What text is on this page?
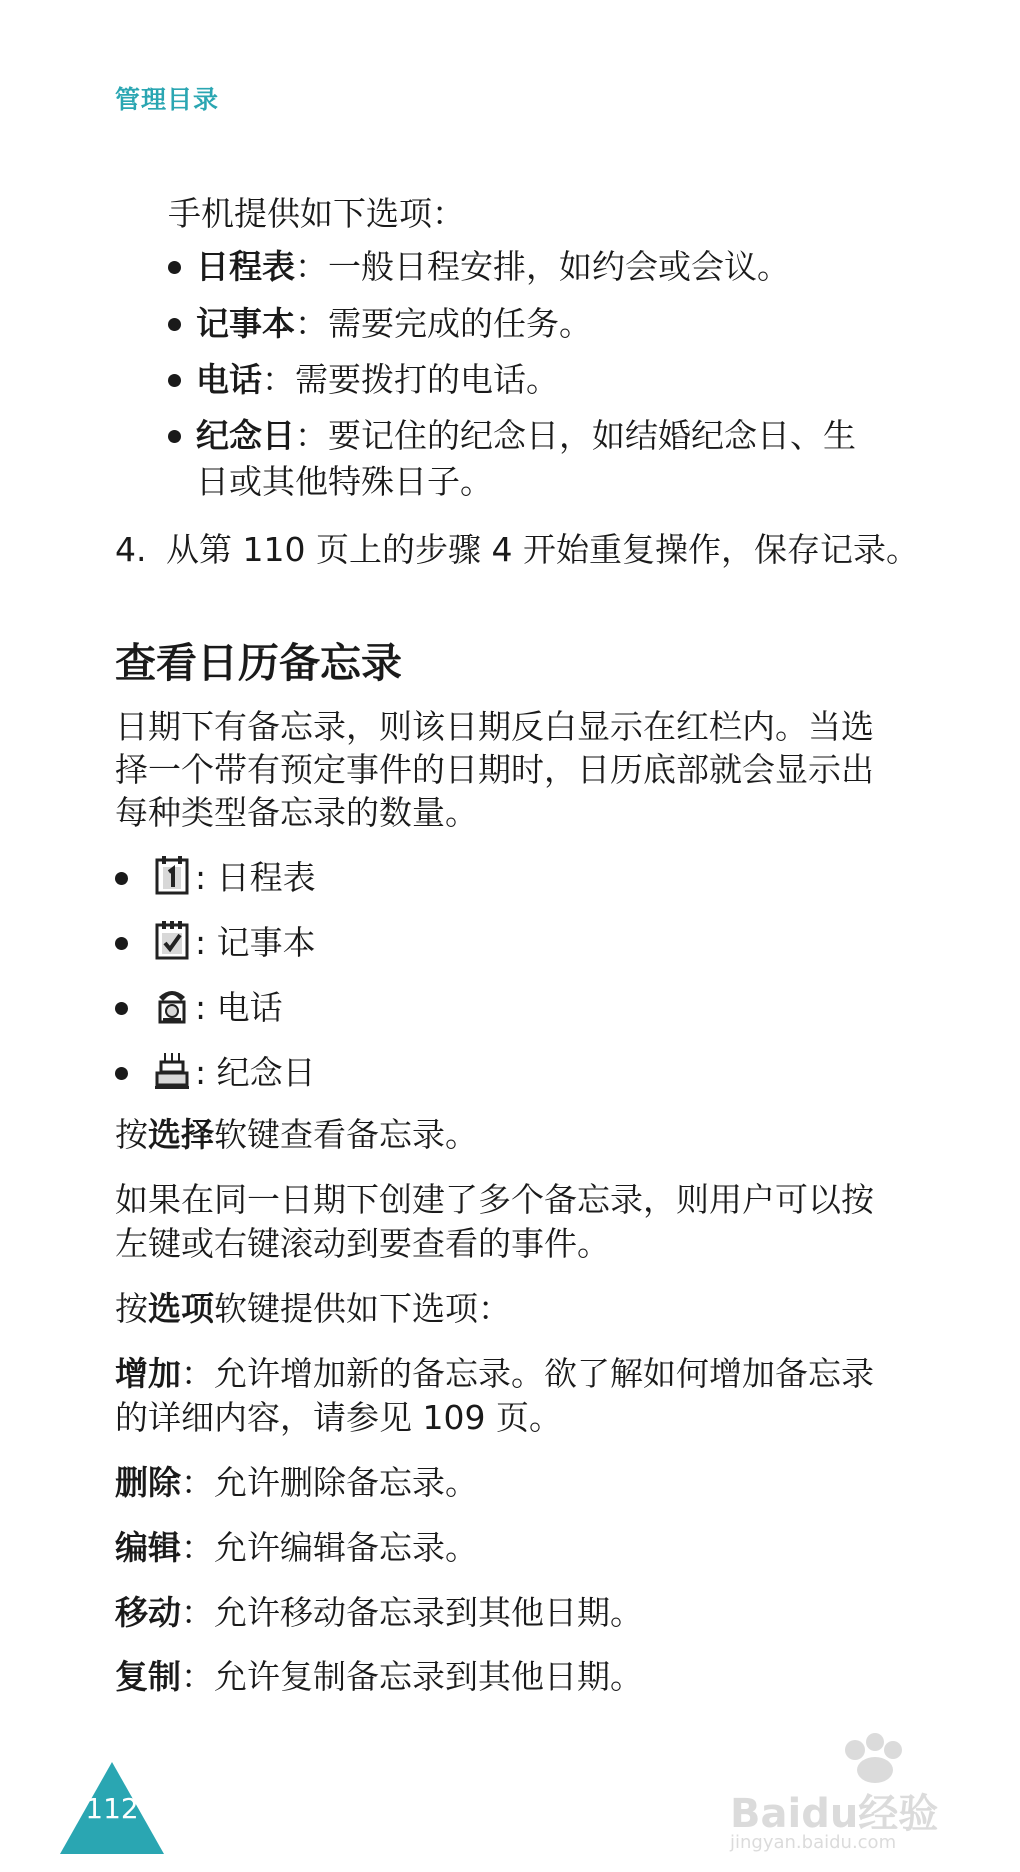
管理目录
手机提供如下选项：
日程表：一般日程安排，如约会或会议。
记事本：需要完成的任务。
电话：需要拨打的电话。
纪念日：要记住的纪念日，如结婚纪念日、生
日或其他特殊日子。
4. 从第 110 页上的步骤 4 开始重复操作，保存记录。
查看日历备忘录
日期下有备忘录，则该日期反白显示在红栏内。当选
择一个带有预定事件的日期时，日历底部就会显示出
每种类型备忘录的数量。
: 日程表
: 记事本
: 电话
: 纪念日
按选择软键查看备忘录。
如果在同一日期下创建了多个备忘录，则用户可以按
左键或右键滚动到要查看的事件。
按选项软键提供如下选项：
增加：允许增加新的备忘录。欲了解如何增加备忘录
的详细内容，请参见 109 页。
删除：允许删除备忘录。
编辑：允许编辑备忘录。
移动：允许移动备忘录到其他日期。
复制：允许复制备忘录到其他日期。
112	Baidu经验
jingyan.baidu.com
